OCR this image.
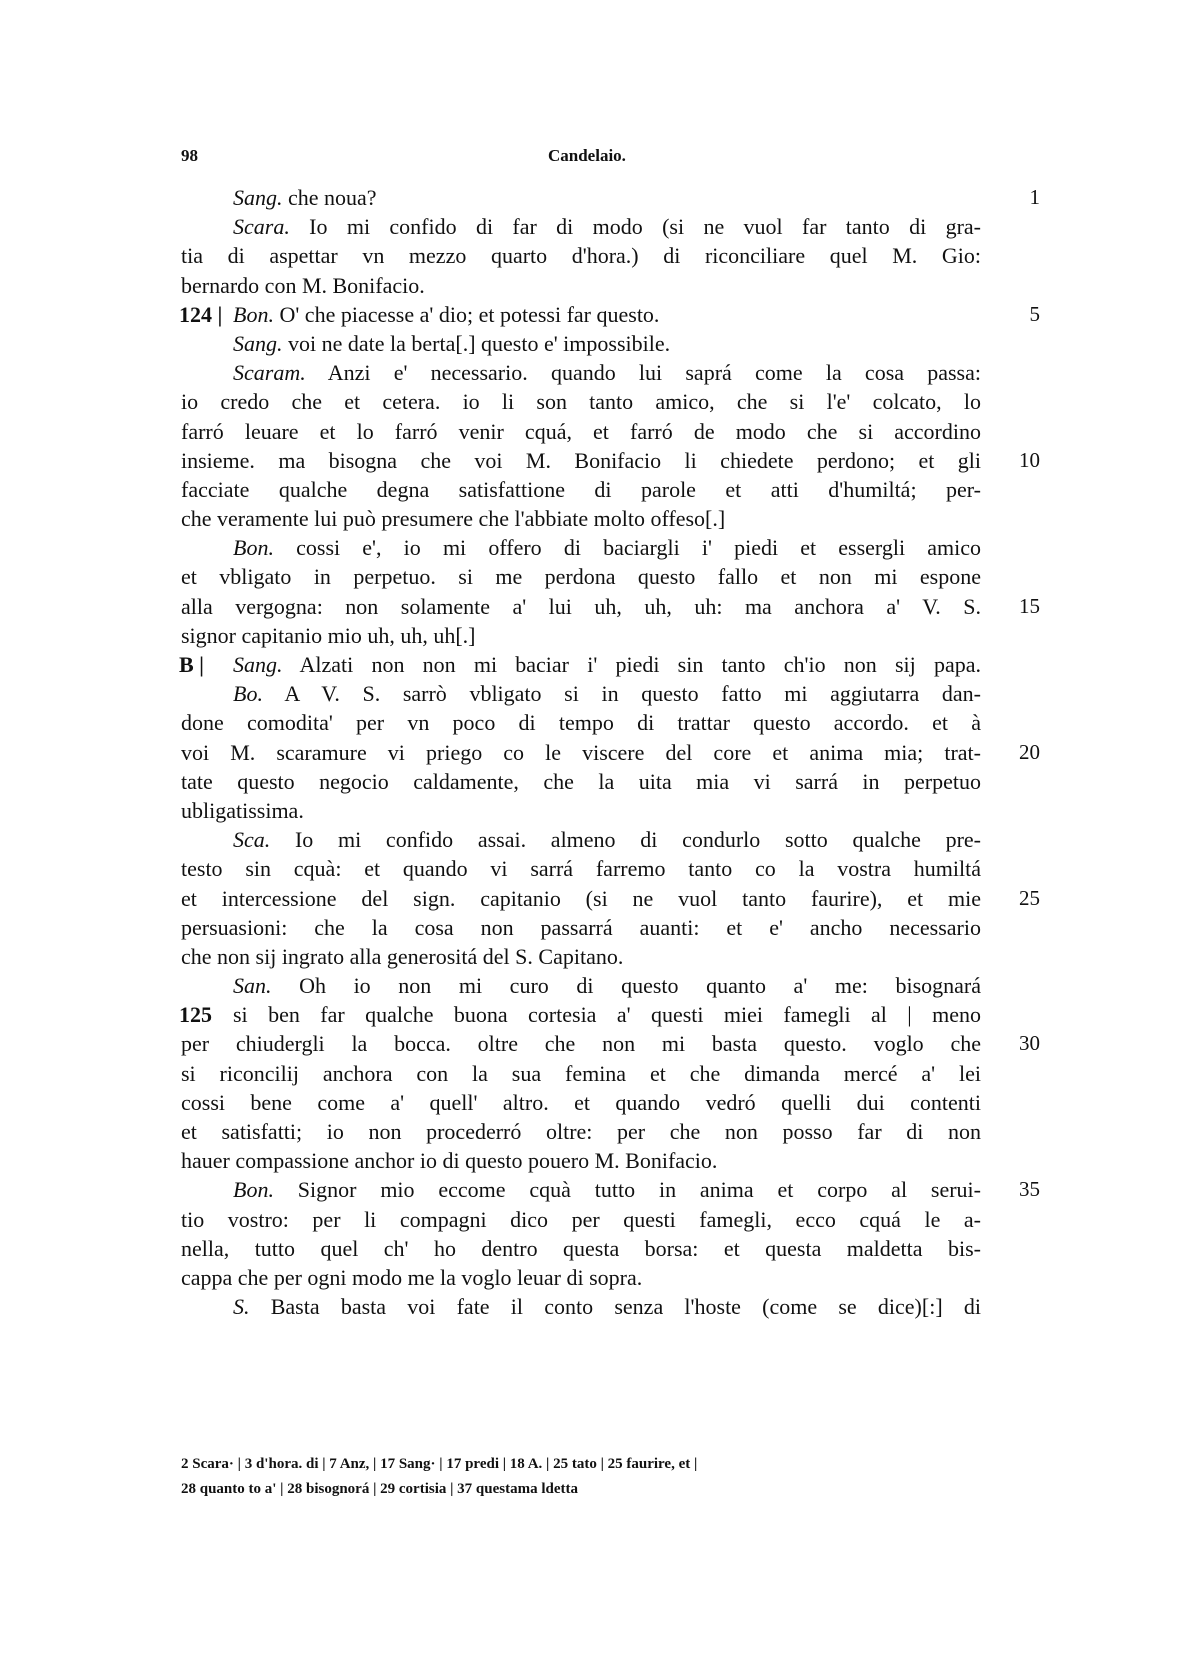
98	Candelaio.
Sang. che noua?	1
Scara. Io mi confido di far di modo (si ne vuol far tanto di gra-
tia di aspettar vn mezzo quarto d'hora.) di riconciliare quel M. Gio:
bernardo con M. Bonifacio.
124 | Bon. O' che piacesse a' dio; et potessi far questo.	5
Sang. voi ne date la berta[.] questo e' impossibile.
Scaram. Anzi e' necessario. quando lui saprá come la cosa passa:
io credo che et cetera. io li son tanto amico, che si l'e' colcato, lo
farró leuare et lo farró venir cquá, et farró de modo che si accordino
insieme. ma bisogna che voi M. Bonifacio li chiedete perdono; et gli	10
facciate qualche degna satisfattione di parole et atti d'humiltá; per-
che veramente lui può presumere che l'abbiate molto offeso[.]
Bon. cossi e', io mi offero di baciargli i' piedi et essergli amico
et vbligato in perpetuo. si me perdona questo fallo et non mi espone
alla vergogna: non solamente a' lui uh, uh, uh: ma anchora a' V. S.	15
signor capitanio mio uh, uh, uh[.]
B |	Sang. Alzati non non mi baciar i' piedi sin tanto ch'io non sij papa.
Bo. A V. S. sarrò vbligato si in questo fatto mi aggiutarra dan-
done comodita' per vn poco di tempo di trattar questo accordo. et à
voi M. scaramure vi priego co le viscere del core et anima mia; trat-	20
tate questo negocio caldamente, che la uita mia vi sarrá in perpetuo
ubligatissima.
Sca. Io mi confido assai. almeno di condurlo sotto qualche pre-
testo sin cquà: et quando vi sarrá farremo tanto co la vostra humiltá
et intercessione del sign. capitanio (si ne vuol tanto faurire), et mie	25
persuasioni: che la cosa non passarrá auanti: et e' ancho necessario
che non sij ingrato alla generositá del S. Capitano.
San. Oh io non mi curo di questo quanto a' me: bisognará
125 si ben far qualche buona cortesia a' questi miei famegli al | meno
per chiudergli la bocca. oltre che non mi basta questo. voglo che	30
si riconcilij anchora con la sua femina et che dimanda mercé a' lei
cossi bene come a' quell' altro. et quando vedró quelli dui contenti
et satisfatti; io non procederró oltre: per che non posso far di non
hauer compassione anchor io di questo pouero M. Bonifacio.
Bon. Signor mio eccome cquà tutto in anima et corpo al serui-	35
tio vostro: per li compagni dico per questi famegli, ecco cquá le a-
nella, tutto quel ch' ho dentro questa borsa: et questa maldetta bis-
cappa che per ogni modo me la voglo leuar di sopra.
S. Basta basta voi fate il conto senza l'hoste (come se dice)[:] di
2 Scara· | 3 d'hora. di | 7 Anz, | 17 Sang· | 17 predi | 18 A. | 25 tato | 25 faurire, et |
28 quanto to a' | 28 bisognorá | 29 cortisia | 37 questama ldetta
